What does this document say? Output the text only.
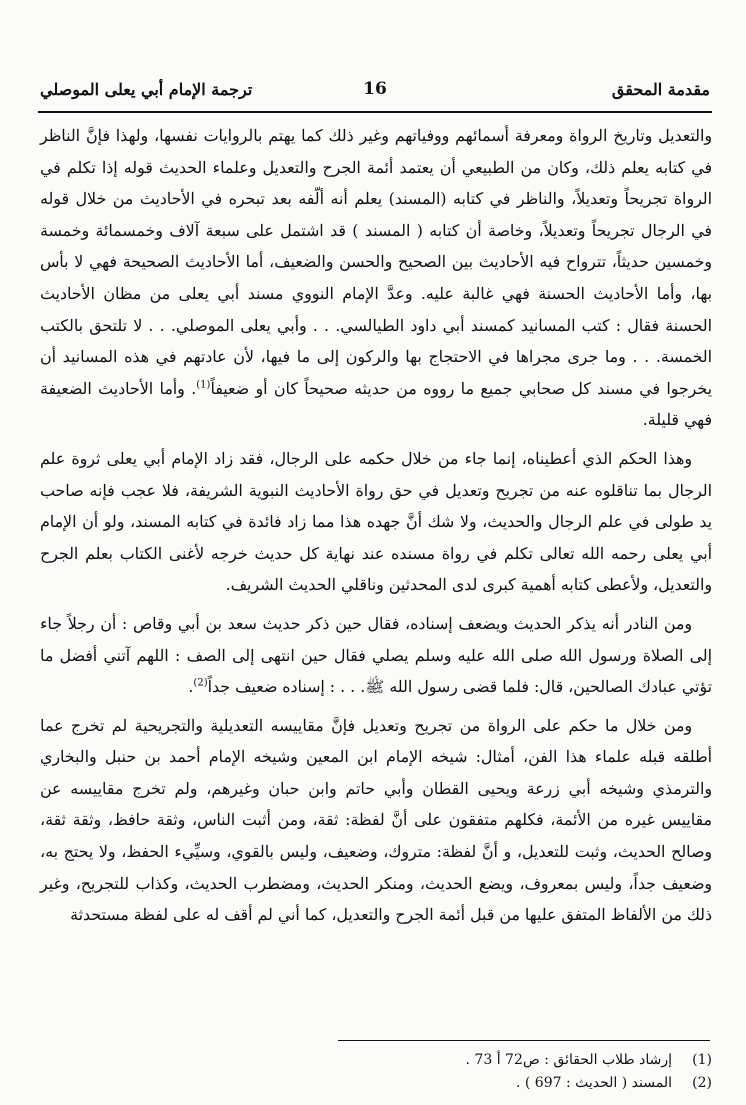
مقدمة المحقق
16
ترجمة الإمام أبي يعلى الموصلي

والتعديل وتاريخ الرواة ومعرفة أسمائهم ووفياتهم وغير ذلك كما يهتم بالروايات نفسها، ولهذا فإنَّ الناظر في كتابه يعلم ذلك، وكان من الطبيعي أن يعتمد أئمة الجرح والتعديل وعلماء الحديث قوله إذا تكلم في الرواة تجريحاً وتعديلاً، والناظر في كتابه (المسند) يعلم أنه ألّفه بعد تبحره في الأحاديث من خلال قوله في الرجال تجريحاً وتعديلاً، وخاصة أن كتابه ( المسند ) قد اشتمل على سبعة آلاف وخمسمائة وخمسة وخمسين حديثاً، تترواح فيه الأحاديث بين الصحيح والحسن والضعيف، أما الأحاديث الصحيحة فهي لا بأس بها، وأما الأحاديث الحسنة فهي غالبة عليه. وعدَّ الإمام النووي مسند أبي يعلى من مظان الأحاديث الحسنة فقال : كتب المسانيد كمسند أبي داود الطيالسي. . . وأبي يعلى الموصلي. . . لا تلتحق بالكتب الخمسة. . . وما جرى مجراها في الاحتجاج بها والركون إلى ما فيها، لأن عادتهم في هذه المسانيد أن يخرجوا في مسند كل صحابي جميع ما رووه من حديثه صحيحاً كان أو ضعيفاً$^{(1)}$. وأما الأحاديث الضعيفة فهي قليلة.

وهذا الحكم الذي أعطيناه، إنما جاء من خلال حكمه على الرجال، فقد زاد الإمام أبي يعلى ثروة علم الرجال بما تناقلوه عنه من تجريح وتعديل في حق رواة الأحاديث النبوية الشريفة، فلا عجب فإنه صاحب يد طولى في علم الرجال والحديث، ولا شك أنَّ جهده هذا مما زاد فائدة في كتابه المسند، ولو أن الإمام أبي يعلى رحمه الله تعالى تكلم في رواة مسنده عند نهاية كل حديث خرجه لأغنى الكتاب بعلم الجرح والتعديل، ولأعطى كتابه أهمية كبرى لدى المحدثين وناقلي الحديث الشريف.

ومن النادر أنه يذكر الحديث ويضعف إسناده، فقال حين ذكر حديث سعد بن أبي وقاص : أن رجلاً جاء إلى الصلاة ورسول الله صلى الله عليه وسلم يصلي فقال حين انتهى إلى الصف : اللهم آتني أفضل ما تؤتي عبادك الصالحين، قال: فلما قضى رسول الله ﷺ. . . : إسناده ضعيف جداً$^{(2)}$.

ومن خلال ما حكم على الرواة من تجريح وتعديل فإنَّ مقاييسه التعديلية والتجريحية لم تخرج عما أطلقه قبله علماء هذا الفن، أمثال: شيخه الإمام ابن المعين وشيخه الإمام أحمد بن حنبل والبخاري والترمذي وشيخه أبي زرعة ويحيى القطان وأبي حاتم وابن حبان وغيرهم، ولم تخرج مقاييسه عن مقاييس غيره من الأئمة، فكلهم متفقون على أنَّ لفظة: ثقة، ومن أثبت الناس، وثقة حافظ، وثقة ثقة، وصالح الحديث، وثبت للتعديل، و أنَّ لفظة: متروك، وضعيف، وليس بالقوي، وسيِّيء الحفظ، ولا يحتج به، وضعيف جداً، وليس بمعروف، ويضع الحديث، ومنكر الحديث، ومضطرب الحديث، وكذاب للتجريح، وغير ذلك من الألفاظ المتفق عليها من قبل أئمة الجرح والتعديل، كما أني لم أقف له على لفظة مستحدثة

(1)
إرشاد طلاب الحقائق : ص72 أ 73 .
(2)
المسند ( الحديث : 697 ) .
